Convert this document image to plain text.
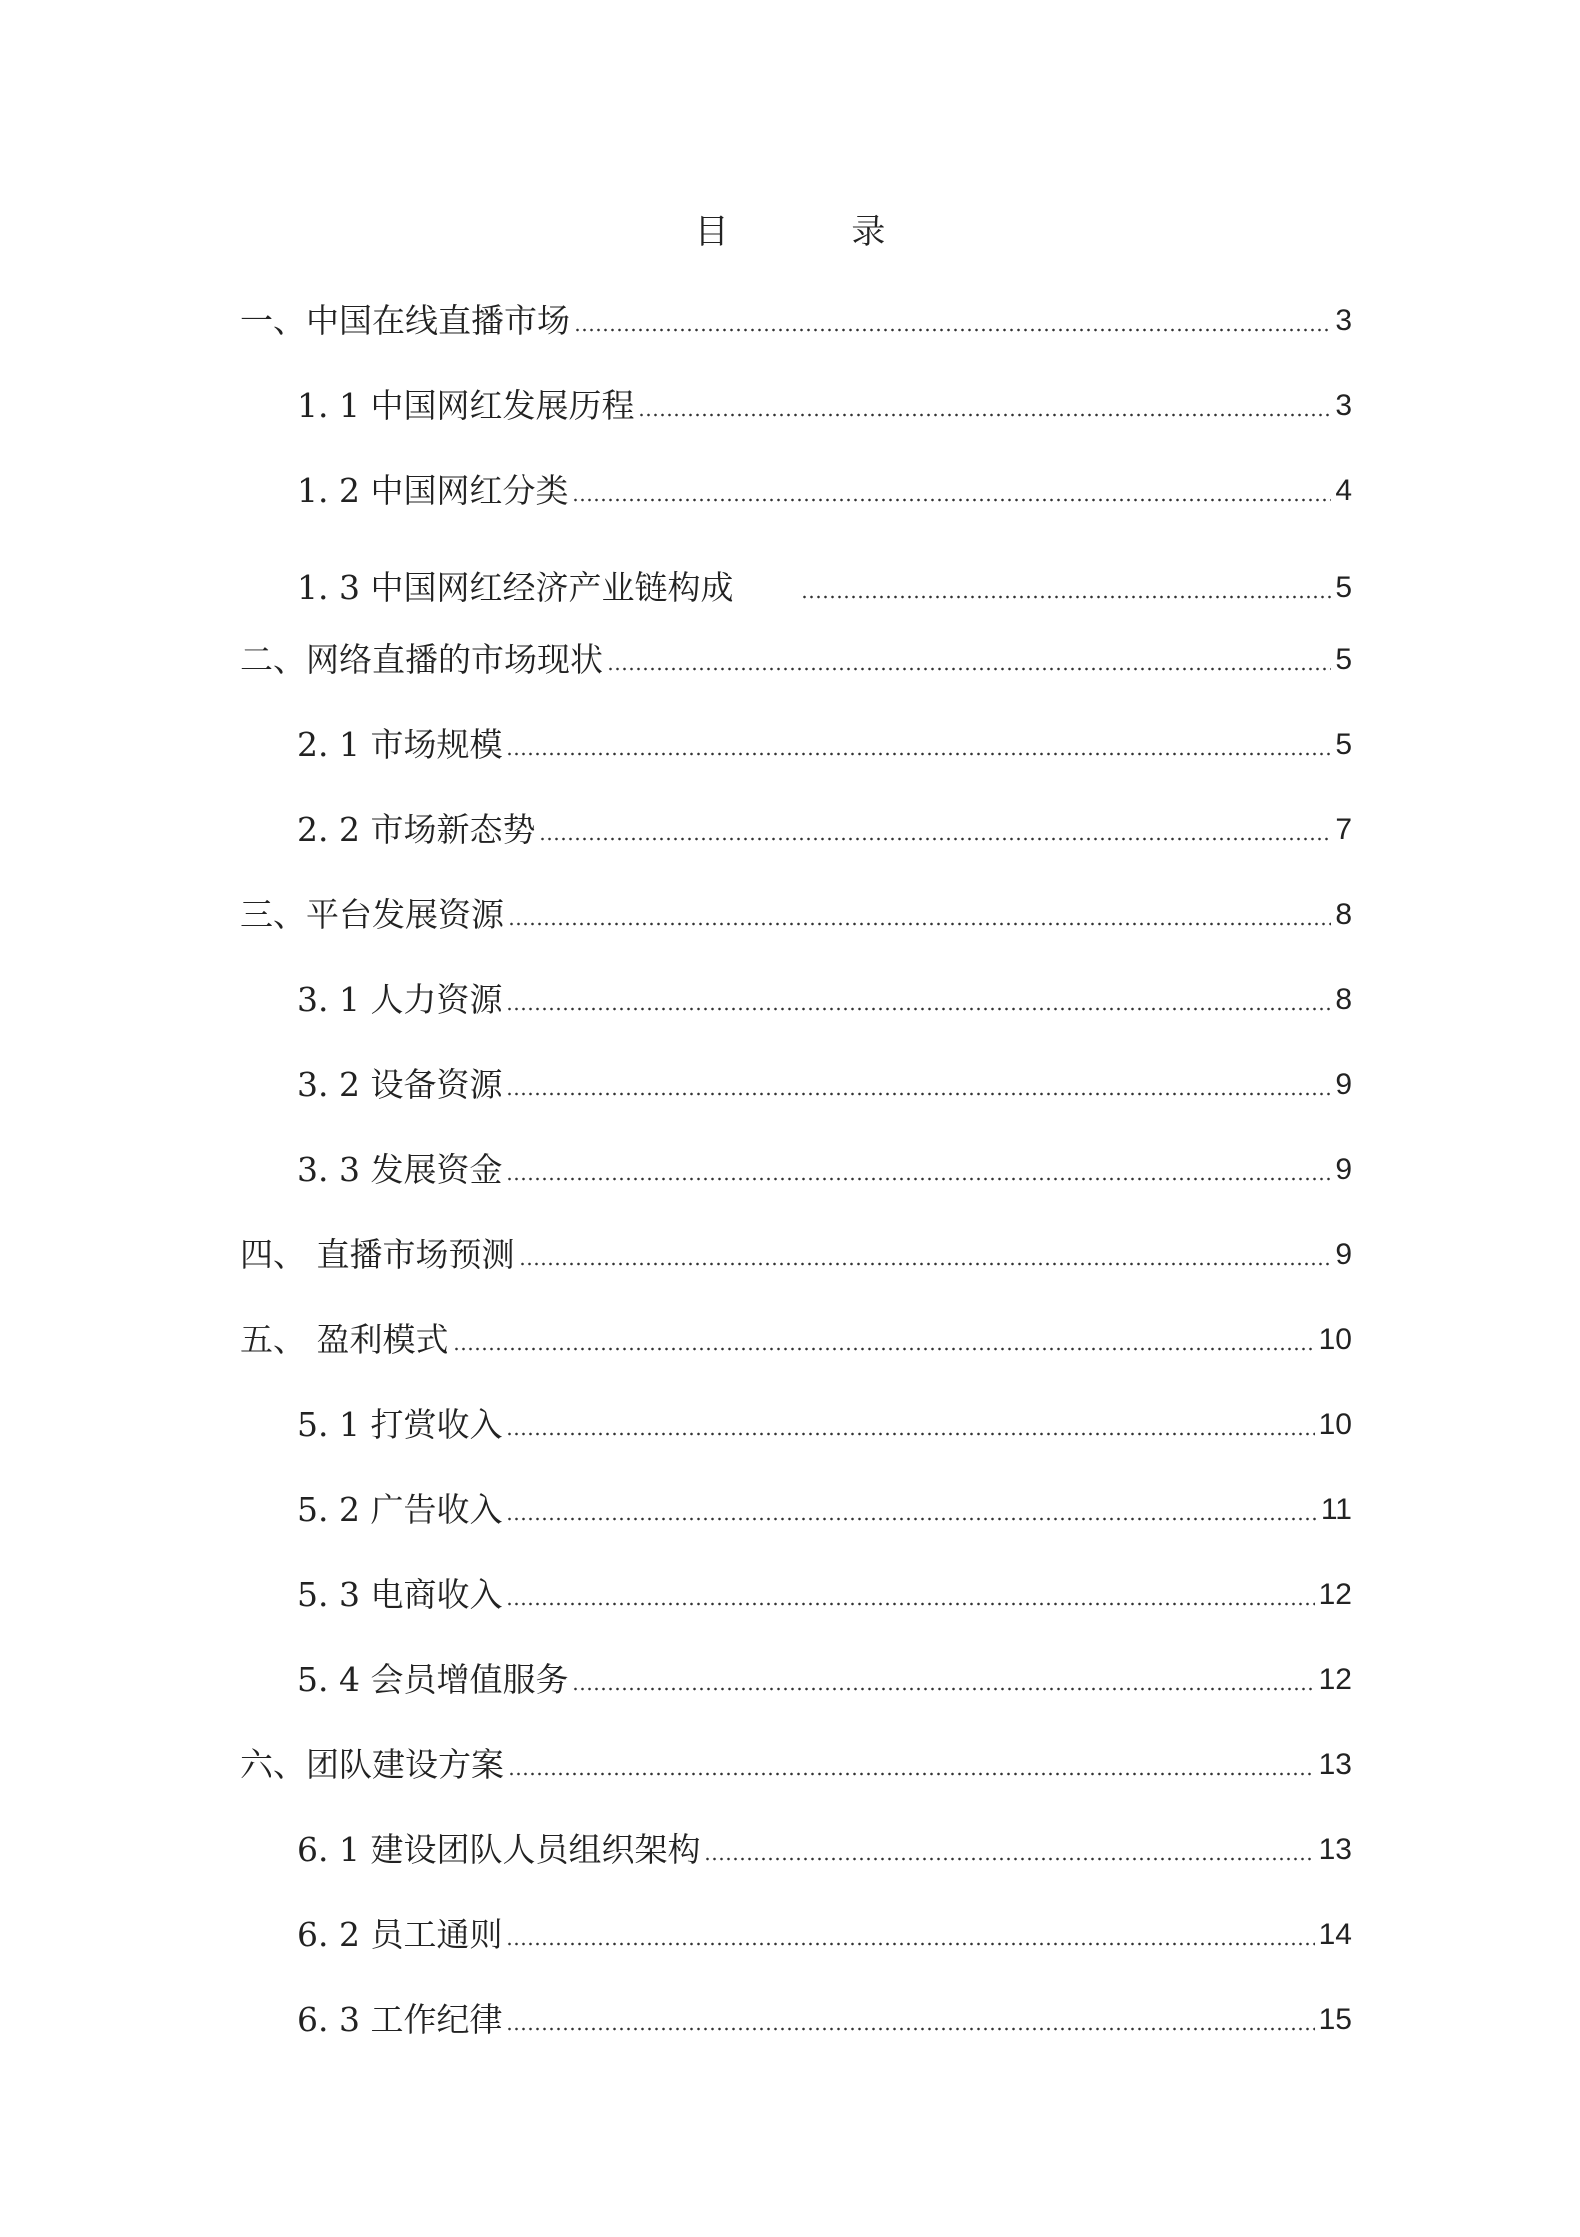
目 录
一、中国在线直播市场	3
1. 1 中国网红发展历程	3
1. 2 中国网红分类	4
1. 3 中国网红经济产业链构成	5
二、网络直播的市场现状	5
2. 1 市场规模	5
2. 2 市场新态势	7
三、平台发展资源	8
3. 1 人力资源	8
3. 2 设备资源	9
3. 3 发展资金	9
四、 直播市场预测	9
五、 盈利模式	10
5. 1 打赏收入	10
5. 2 广告收入	11
5. 3 电商收入	12
5. 4 会员增值服务	12
六、团队建设方案	13
6. 1 建设团队人员组织架构	13
6. 2 员工通则	14
6. 3 工作纪律	15
